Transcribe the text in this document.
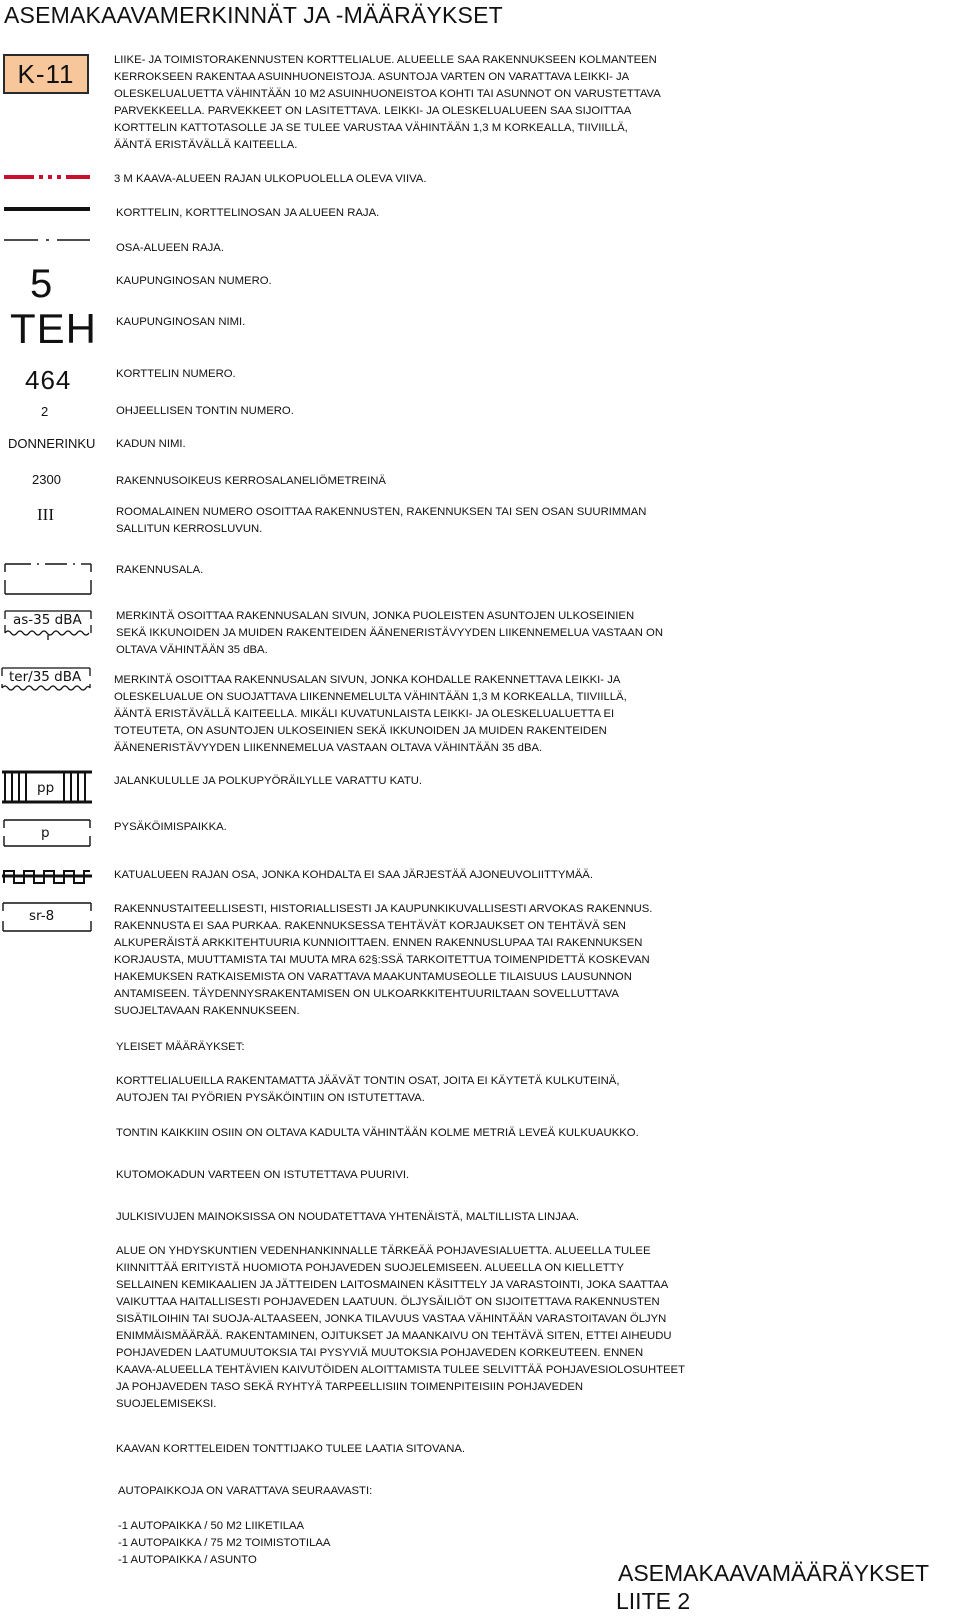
ASEMAKAAVAMERKINNÄT JA -MÄÄRÄYKSET
K-11
5
TEH
464
2
DONNERINKU
2300
III
as-35 dBA
ter/35 dBA
pp
p
sr-8
LIIKE- JA TOIMISTORAKENNUSTEN KORTTELIALUE. ALUEELLE SAA RAKENNUKSEEN KOLMANTEEN
KERROKSEEN RAKENTAA ASUINHUONEISTOJA. ASUNTOJA VARTEN ON VARATTAVA LEIKKI- JA
OLESKELUALUETTA VÄHINTÄÄN 10 M2 ASUINHUONEISTOA KOHTI TAI ASUNNOT ON VARUSTETTAVA
PARVEKKEELLA. PARVEKKEET ON LASITETTAVA. LEIKKI- JA OLESKELUALUEEN SAA SIJOITTAA
KORTTELIN KATTOTASOLLE JA SE TULEE VARUSTAA VÄHINTÄÄN 1,3 M KORKEALLA, TIIVIILLÄ,
ÄÄNTÄ ERISTÄVÄLLÄ KAITEELLA.
3 M KAAVA-ALUEEN RAJAN ULKOPUOLELLA OLEVA VIIVA.
KORTTELIN, KORTTELINOSAN JA ALUEEN RAJA.
OSA-ALUEEN RAJA.
KAUPUNGINOSAN NUMERO.
KAUPUNGINOSAN NIMI.
KORTTELIN NUMERO.
OHJEELLISEN TONTIN NUMERO.
KADUN NIMI.
RAKENNUSOIKEUS KERROSALANELIÖMETREINÄ
ROOMALAINEN NUMERO OSOITTAA RAKENNUSTEN, RAKENNUKSEN TAI SEN OSAN SUURIMMAN
SALLITUN KERROSLUVUN.
RAKENNUSALA.
MERKINTÄ OSOITTAA RAKENNUSALAN SIVUN, JONKA PUOLEISTEN ASUNTOJEN ULKOSEINIEN
SEKÄ IKKUNOIDEN JA MUIDEN RAKENTEIDEN ÄÄNENERISTÄVYYDEN LIIKENNEMELUA VASTAAN ON
OLTAVA VÄHINTÄÄN 35 dBA.
MERKINTÄ OSOITTAA RAKENNUSALAN SIVUN, JONKA KOHDALLE RAKENNETTAVA LEIKKI- JA
OLESKELUALUE ON SUOJATTAVA LIIKENNEMELULTA VÄHINTÄÄN 1,3 M KORKEALLA, TIIVIILLÄ,
ÄÄNTÄ ERISTÄVÄLLÄ KAITEELLA. MIKÄLI KUVATUNLAISTA LEIKKI- JA OLESKELUALUETTA EI
TOTEUTETA, ON ASUNTOJEN ULKOSEINIEN SEKÄ IKKUNOIDEN JA MUIDEN RAKENTEIDEN
ÄÄNENERISTÄVYYDEN LIIKENNEMELUA VASTAAN OLTAVA VÄHINTÄÄN 35 dBA.
JALANKULULLE JA POLKUPYÖRÄILYLLE VARATTU KATU.
PYSÄKÖIMISPAIKKA.
KATUALUEEN RAJAN OSA, JONKA KOHDALTA EI SAA JÄRJESTÄÄ AJONEUVOLIITTYMÄÄ.
RAKENNUSTAITEELLISESTI, HISTORIALLISESTI JA KAUPUNKIKUVALLISESTI ARVOKAS RAKENNUS.
RAKENNUSTA EI SAA PURKAA. RAKENNUKSESSA TEHTÄVÄT KORJAUKSET ON TEHTÄVÄ SEN
ALKUPERÄISTÄ ARKKITEHTUURIA KUNNIOITTAEN. ENNEN RAKENNUSLUPAA TAI RAKENNUKSEN
KORJAUSTA, MUUTTAMISTA TAI MUUTA MRA 62§:SSÄ TARKOITETTUA TOIMENPIDETTÄ KOSKEVAN
HAKEMUKSEN RATKAISEMISTA ON VARATTAVA MAAKUNTAMUSEOLLE TILAISUUS LAUSUNNON
ANTAMISEEN. TÄYDENNYSRAKENTAMISEN ON ULKOARKKITEHTUURILTAAN SOVELLUTTAVA
SUOJELTAVAAN RAKENNUKSEEN.
YLEISET MÄÄRÄYKSET:
KORTTELIALUEILLA RAKENTAMATTA JÄÄVÄT TONTIN OSAT, JOITA EI KÄYTETÄ KULKUTEINÄ,
AUTOJEN TAI PYÖRIEN PYSÄKÖINTIIN ON ISTUTETTAVA.
TONTIN KAIKKIIN OSIIN ON OLTAVA KADULTA VÄHINTÄÄN KOLME METRIÄ LEVEÄ KULKUAUKKO.
KUTOMOKADUN VARTEEN ON ISTUTETTAVA PUURIVI.
JULKISIVUJEN MAINOKSISSA ON NOUDATETTAVA YHTENÄISTÄ, MALTILLISTA LINJAA.
ALUE ON YHDYSKUNTIEN VEDENHANKINNALLE TÄRKEÄÄ POHJAVESIALUETTA. ALUEELLA TULEE
KIINNITTÄÄ ERITYISTÄ HUOMIOTA POHJAVEDEN SUOJELEMISEEN. ALUEELLA ON KIELLETTY
SELLAINEN KEMIKAALIEN JA JÄTTEIDEN LAITOSMAINEN KÄSITTELY JA VARASTOINTI, JOKA SAATTAA
VAIKUTTAA HAITALLISESTI POHJAVEDEN LAATUUN. ÖLJYSÄILIÖT ON SIJOITETTAVA RAKENNUSTEN
SISÄTILOIHIN TAI SUOJA-ALTAASEEN, JONKA TILAVUUS VASTAA VÄHINTÄÄN VARASTOITAVAN ÖLJYN
ENIMMÄISMÄÄRÄÄ. RAKENTAMINEN, OJITUKSET JA MAANKAIVU ON TEHTÄVÄ SITEN, ETTEI AIHEUDU
POHJAVEDEN LAATUMUUTOKSIA TAI PYSYVIÄ MUUTOKSIA POHJAVEDEN KORKEUTEEN. ENNEN
KAAVA-ALUEELLA TEHTÄVIEN KAIVUTÖIDEN ALOITTAMISTA TULEE SELVITTÄÄ POHJAVESIOLOSUHTEET
JA POHJAVEDEN TASO SEKÄ RYHTYÄ TARPEELLISIIN TOIMENPITEISIIN POHJAVEDEN
SUOJELEMISEKSI.
KAAVAN KORTTELEIDEN TONTTIJAKO TULEE LAATIA SITOVANA.
AUTOPAIKKOJA ON VARATTAVA SEURAAVASTI:
-1 AUTOPAIKKA / 50 M2 LIIKETILAA
-1 AUTOPAIKKA / 75 M2 TOIMISTOTILAA
-1 AUTOPAIKKA / ASUNTO	ASEMAKAAVAMÄÄRÄYKSET
LIITE 2
